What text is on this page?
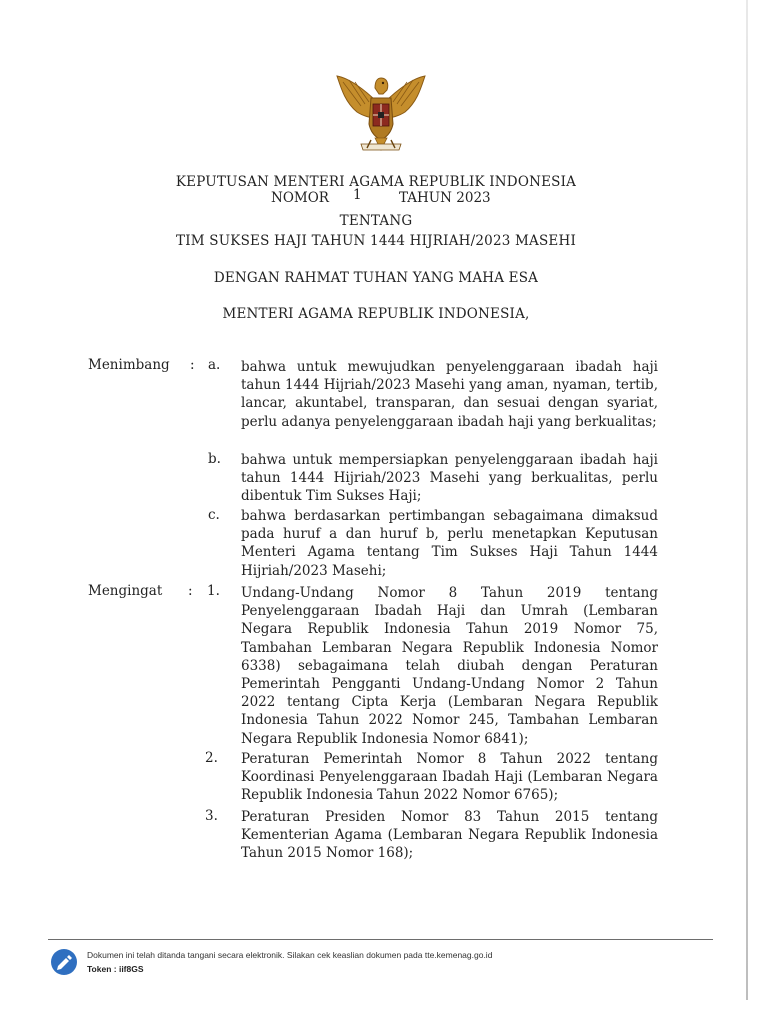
KEPUTUSAN MENTERI AGAMA REPUBLIK INDONESIA
NOMOR 1	TAHUN 2023
TENTANG
TIM SUKSES HAJI TAHUN 1444 HIJRIAH/2023 MASEHI
DENGAN RAHMAT TUHAN YANG MAHA ESA
MENTERI AGAMA REPUBLIK INDONESIA,
Menimbang : a. bahwa untuk mewujudkan penyelenggaraan ibadah haji tahun 1444 Hijriah/2023 Masehi yang aman, nyaman, tertib, lancar, akuntabel, transparan, dan sesuai dengan syariat, perlu adanya penyelenggaraan ibadah haji yang berkualitas;
b. bahwa untuk mempersiapkan penyelenggaraan ibadah haji tahun 1444 Hijriah/2023 Masehi yang berkualitas, perlu dibentuk Tim Sukses Haji;
c. bahwa berdasarkan pertimbangan sebagaimana dimaksud pada huruf a dan huruf b, perlu menetapkan Keputusan Menteri Agama tentang Tim Sukses Haji Tahun 1444 Hijriah/2023 Masehi;
Mengingat : 1. Undang-Undang Nomor 8 Tahun 2019 tentang Penyelenggaraan Ibadah Haji dan Umrah (Lembaran Negara Republik Indonesia Tahun 2019 Nomor 75, Tambahan Lembaran Negara Republik Indonesia Nomor 6338) sebagaimana telah diubah dengan Peraturan Pemerintah Pengganti Undang-Undang Nomor 2 Tahun 2022 tentang Cipta Kerja (Lembaran Negara Republik Indonesia Tahun 2022 Nomor 245, Tambahan Lembaran Negara Republik Indonesia Nomor 6841);
2. Peraturan Pemerintah Nomor 8 Tahun 2022 tentang Koordinasi Penyelenggaraan Ibadah Haji (Lembaran Negara Republik Indonesia Tahun 2022 Nomor 6765);
3. Peraturan Presiden Nomor 83 Tahun 2015 tentang Kementerian Agama (Lembaran Negara Republik Indonesia Tahun 2015 Nomor 168);
Dokumen ini telah ditanda tangani secara elektronik. Silakan cek keaslian dokumen pada tte.kemenag.go.id
Token : iif8GS
